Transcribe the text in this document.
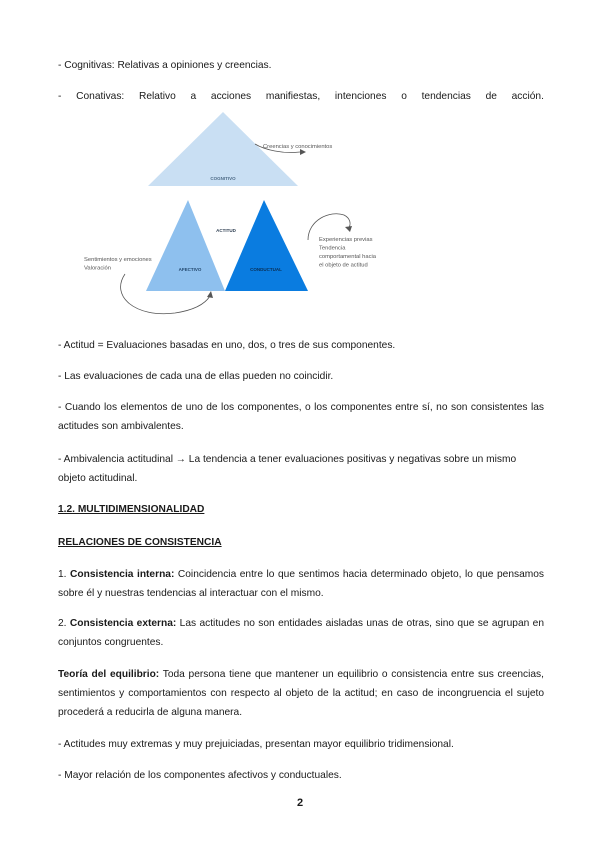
- Cognitivas: Relativas a opiniones y creencias.
- Conativas: Relativo a acciones manifiestas, intenciones o tendencias de acción.
COGNITIVO
AFECTIVO	CONDUCTUAL
ACTITUD
Creencias y conocimientos
Sentimientos y emociones Valoración
Experiencias previas Tendencia comportamental hacia el objeto de actitud
- Actitud = Evaluaciones basadas en uno, dos, o tres de sus componentes.
- Las evaluaciones de cada una de ellas pueden no coincidir.
- Cuando los elementos de uno de los componentes, o los componentes entre sí, no son consistentes las actitudes son ambivalentes.
- Ambivalencia actitudinal → La tendencia a tener evaluaciones positivas y negativas sobre un mismo objeto actitudinal.
1.2. MULTIDIMENSIONALIDAD
RELACIONES DE CONSISTENCIA
1. Consistencia interna: Coincidencia entre lo que sentimos hacia determinado objeto, lo que pensamos sobre él y nuestras tendencias al interactuar con el mismo.
2. Consistencia externa: Las actitudes no son entidades aisladas unas de otras, sino que se agrupan en conjuntos congruentes.
Teoría del equilibrio: Toda persona tiene que mantener un equilibrio o consistencia entre sus creencias, sentimientos y comportamientos con respecto al objeto de la actitud; en caso de incongruencia el sujeto procederá a reducirla de alguna manera.
- Actitudes muy extremas y muy prejuiciadas, presentan mayor equilibrio tridimensional.
- Mayor relación de los componentes afectivos y conductuales.
2
